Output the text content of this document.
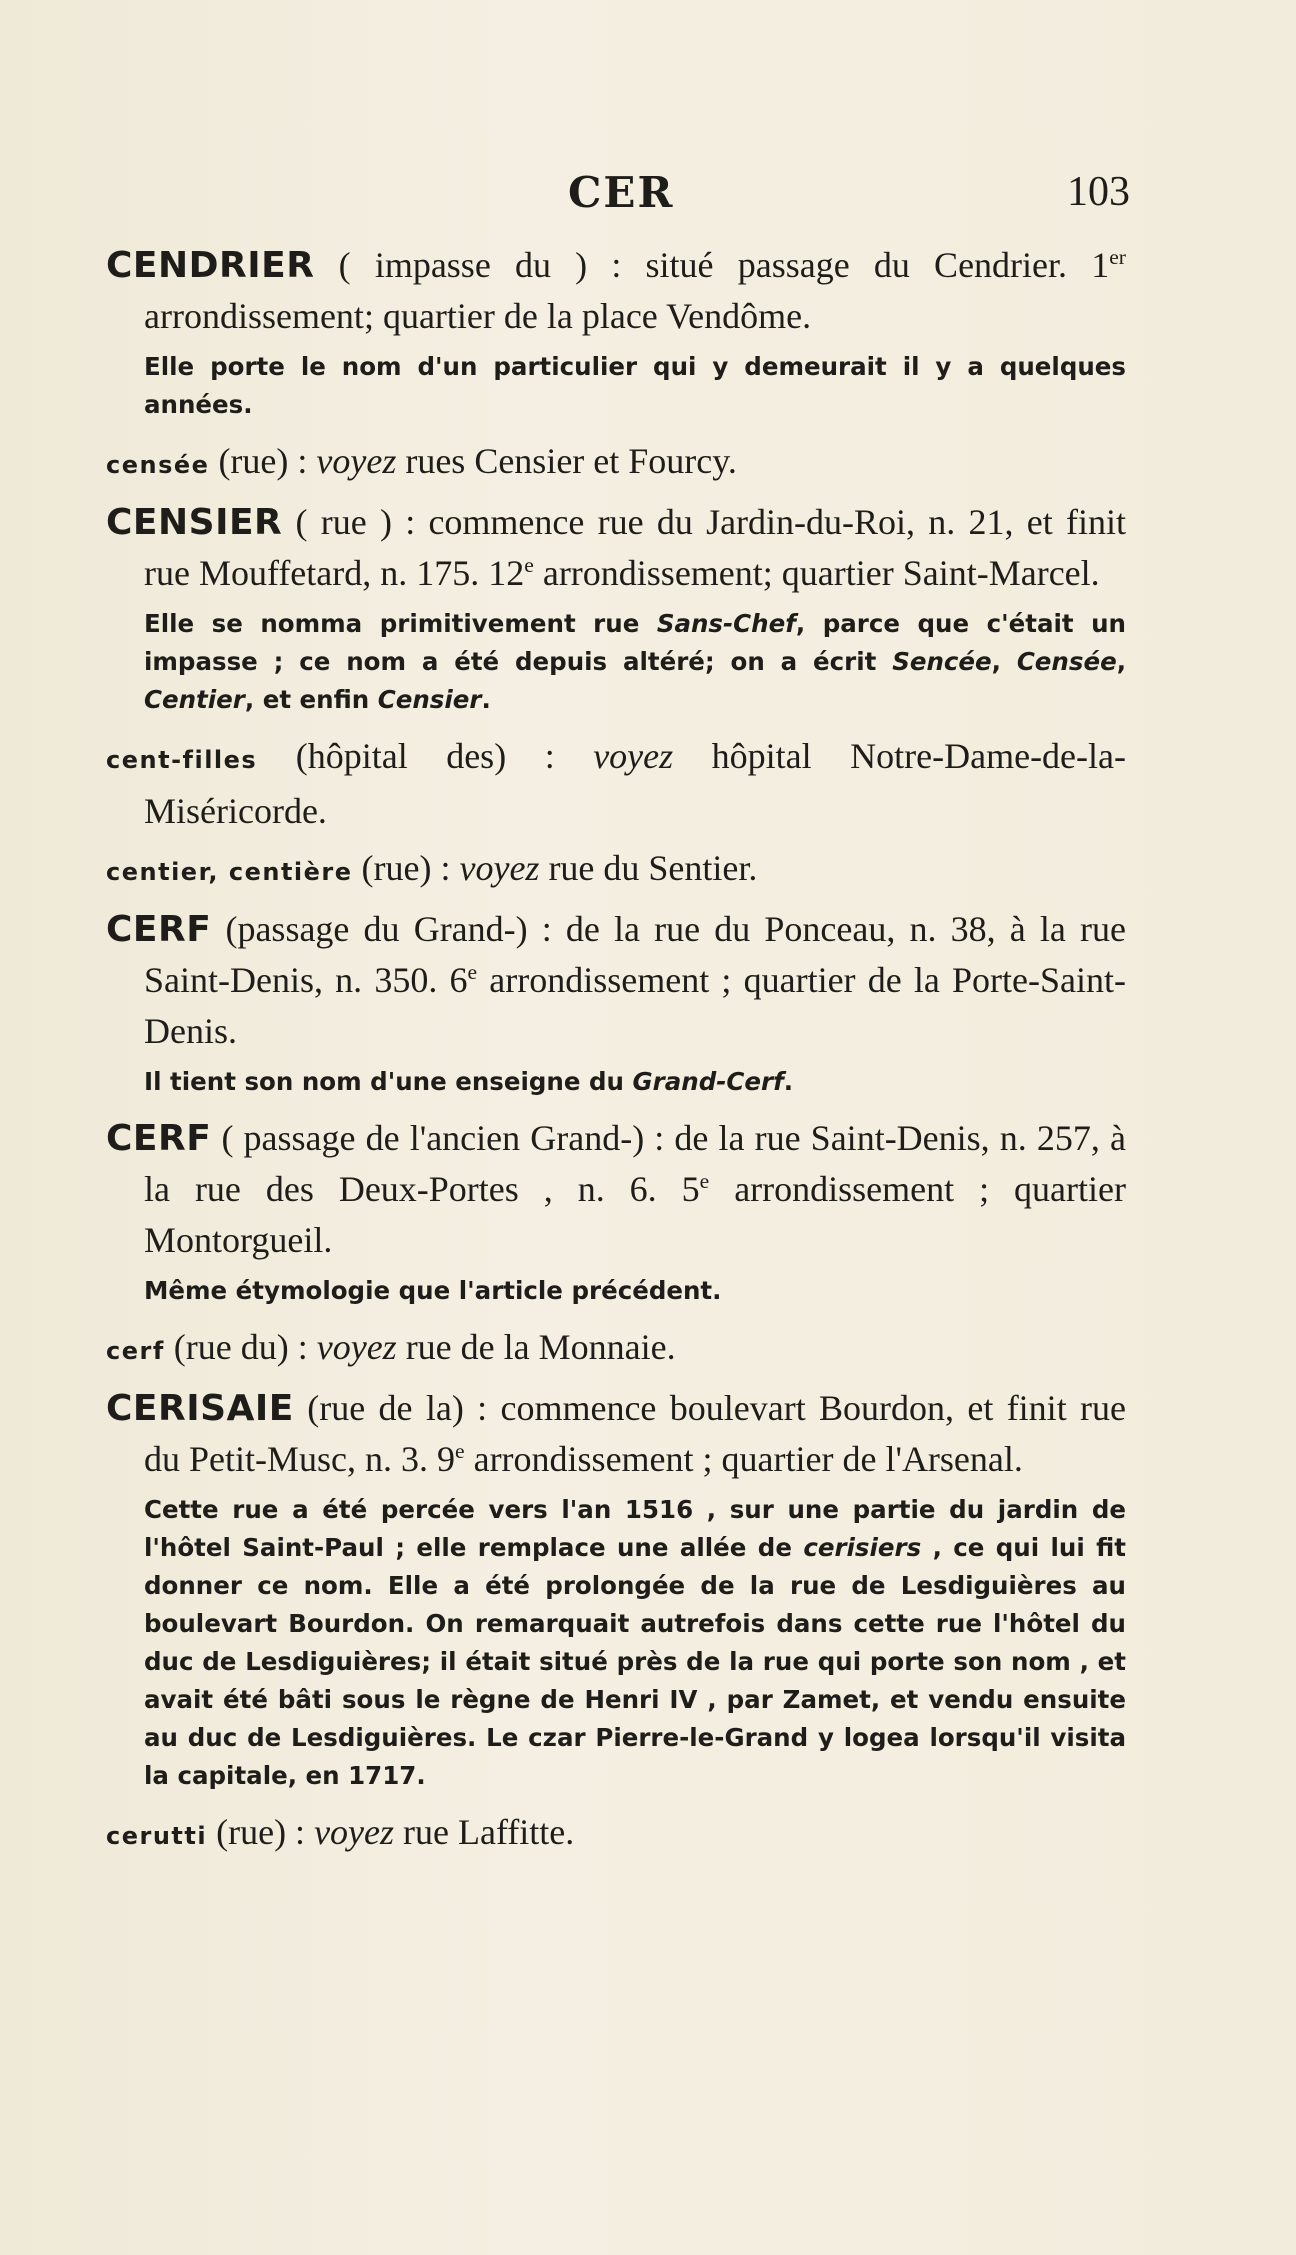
CER	103

CENDRIER ( impasse du ) : situé passage du Cendrier. 1er arrondissement; quartier de la place Vendôme.

Elle porte le nom d'un particulier qui y demeurait il y a quelques années.

censée (rue) : voyez rues Censier et Fourcy.

CENSIER ( rue ) : commence rue du Jardin-du-Roi, n. 21, et finit rue Mouffetard, n. 175. 12e arrondissement; quartier Saint-Marcel.

Elle se nomma primitivement rue Sans-Chef, parce que c'était un impasse ; ce nom a été depuis altéré; on a écrit Sencée, Censée, Centier, et enfin Censier.

cent-filles (hôpital des) : voyez hôpital Notre-Dame-de-la-Miséricorde.

centier, centière (rue) : voyez rue du Sentier.

CERF (passage du Grand-) : de la rue du Ponceau, n. 38, à la rue Saint-Denis, n. 350. 6e arrondissement ; quartier de la Porte-Saint-Denis.

Il tient son nom d'une enseigne du Grand-Cerf.

CERF ( passage de l'ancien Grand-) : de la rue Saint-Denis, n. 257, à la rue des Deux-Portes , n. 6. 5e arrondissement ; quartier Montorgueil.

Même étymologie que l'article précédent.

cerf (rue du) : voyez rue de la Monnaie.

CERISAIE (rue de la) : commence boulevart Bourdon, et finit rue du Petit-Musc, n. 3. 9e arrondissement ; quartier de l'Arsenal.

Cette rue a été percée vers l'an 1516 , sur une partie du jardin de l'hôtel Saint-Paul ; elle remplace une allée de cerisiers , ce qui lui fit donner ce nom. Elle a été prolongée de la rue de Lesdiguières au boulevart Bourdon. On remarquait autrefois dans cette rue l'hôtel du duc de Lesdiguières; il était situé près de la rue qui porte son nom , et avait été bâti sous le règne de Henri IV , par Zamet, et vendu ensuite au duc de Lesdiguières. Le czar Pierre-le-Grand y logea lorsqu'il visita la capitale, en 1717.

cerutti (rue) : voyez rue Laffitte.
